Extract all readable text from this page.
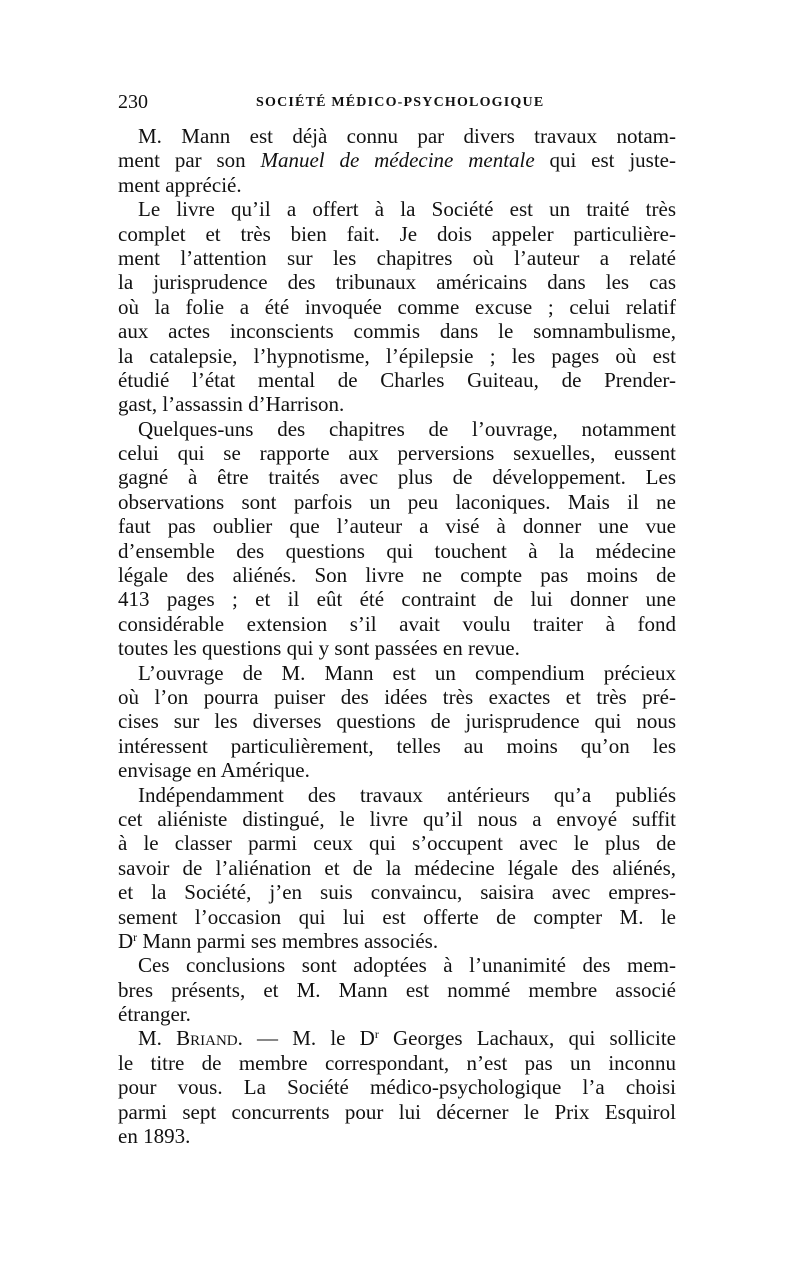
230	SOCIÉTÉ MÉDICO-PSYCHOLOGIQUE
M. Mann est déjà connu par divers travaux notam-
ment par son Manuel de médecine mentale qui est juste-
ment apprécié.
Le livre qu’il a offert à la Société est un traité très
complet et très bien fait. Je dois appeler particulière-
ment l’attention sur les chapitres où l’auteur a relaté
la jurisprudence des tribunaux américains dans les cas
où la folie a été invoquée comme excuse ; celui relatif
aux actes inconscients commis dans le somnambulisme,
la catalepsie, l’hypnotisme, l’épilepsie ; les pages où est
étudié l’état mental de Charles Guiteau, de Prender-
gast, l’assassin d’Harrison.
Quelques-uns des chapitres de l’ouvrage, notamment
celui qui se rapporte aux perversions sexuelles, eussent
gagné à être traités avec plus de développement. Les
observations sont parfois un peu laconiques. Mais il ne
faut pas oublier que l’auteur a visé à donner une vue
d’ensemble des questions qui touchent à la médecine
légale des aliénés. Son livre ne compte pas moins de
413 pages ; et il eût été contraint de lui donner une
considérable extension s’il avait voulu traiter à fond
toutes les questions qui y sont passées en revue.
L’ouvrage de M. Mann est un compendium précieux
où l’on pourra puiser des idées très exactes et très pré-
cises sur les diverses questions de jurisprudence qui nous
intéressent particulièrement, telles au moins qu’on les
envisage en Amérique.
Indépendamment des travaux antérieurs qu’a publiés
cet aliéniste distingué, le livre qu’il nous a envoyé suffit
à le classer parmi ceux qui s’occupent avec le plus de
savoir de l’aliénation et de la médecine légale des aliénés,
et la Société, j’en suis convaincu, saisira avec empres-
sement l’occasion qui lui est offerte de compter M. le
$D^r$ Mann parmi ses membres associés.
Ces conclusions sont adoptées à l’unanimité des mem-
bres présents, et M. Mann est nommé membre associé
étranger.
M. Briand. — M. le $D^r$ Georges Lachaux, qui sollicite
le titre de membre correspondant, n’est pas un inconnu
pour vous. La Société médico-psychologique l’a choisi
parmi sept concurrents pour lui décerner le Prix Esquirol
en 1893.
